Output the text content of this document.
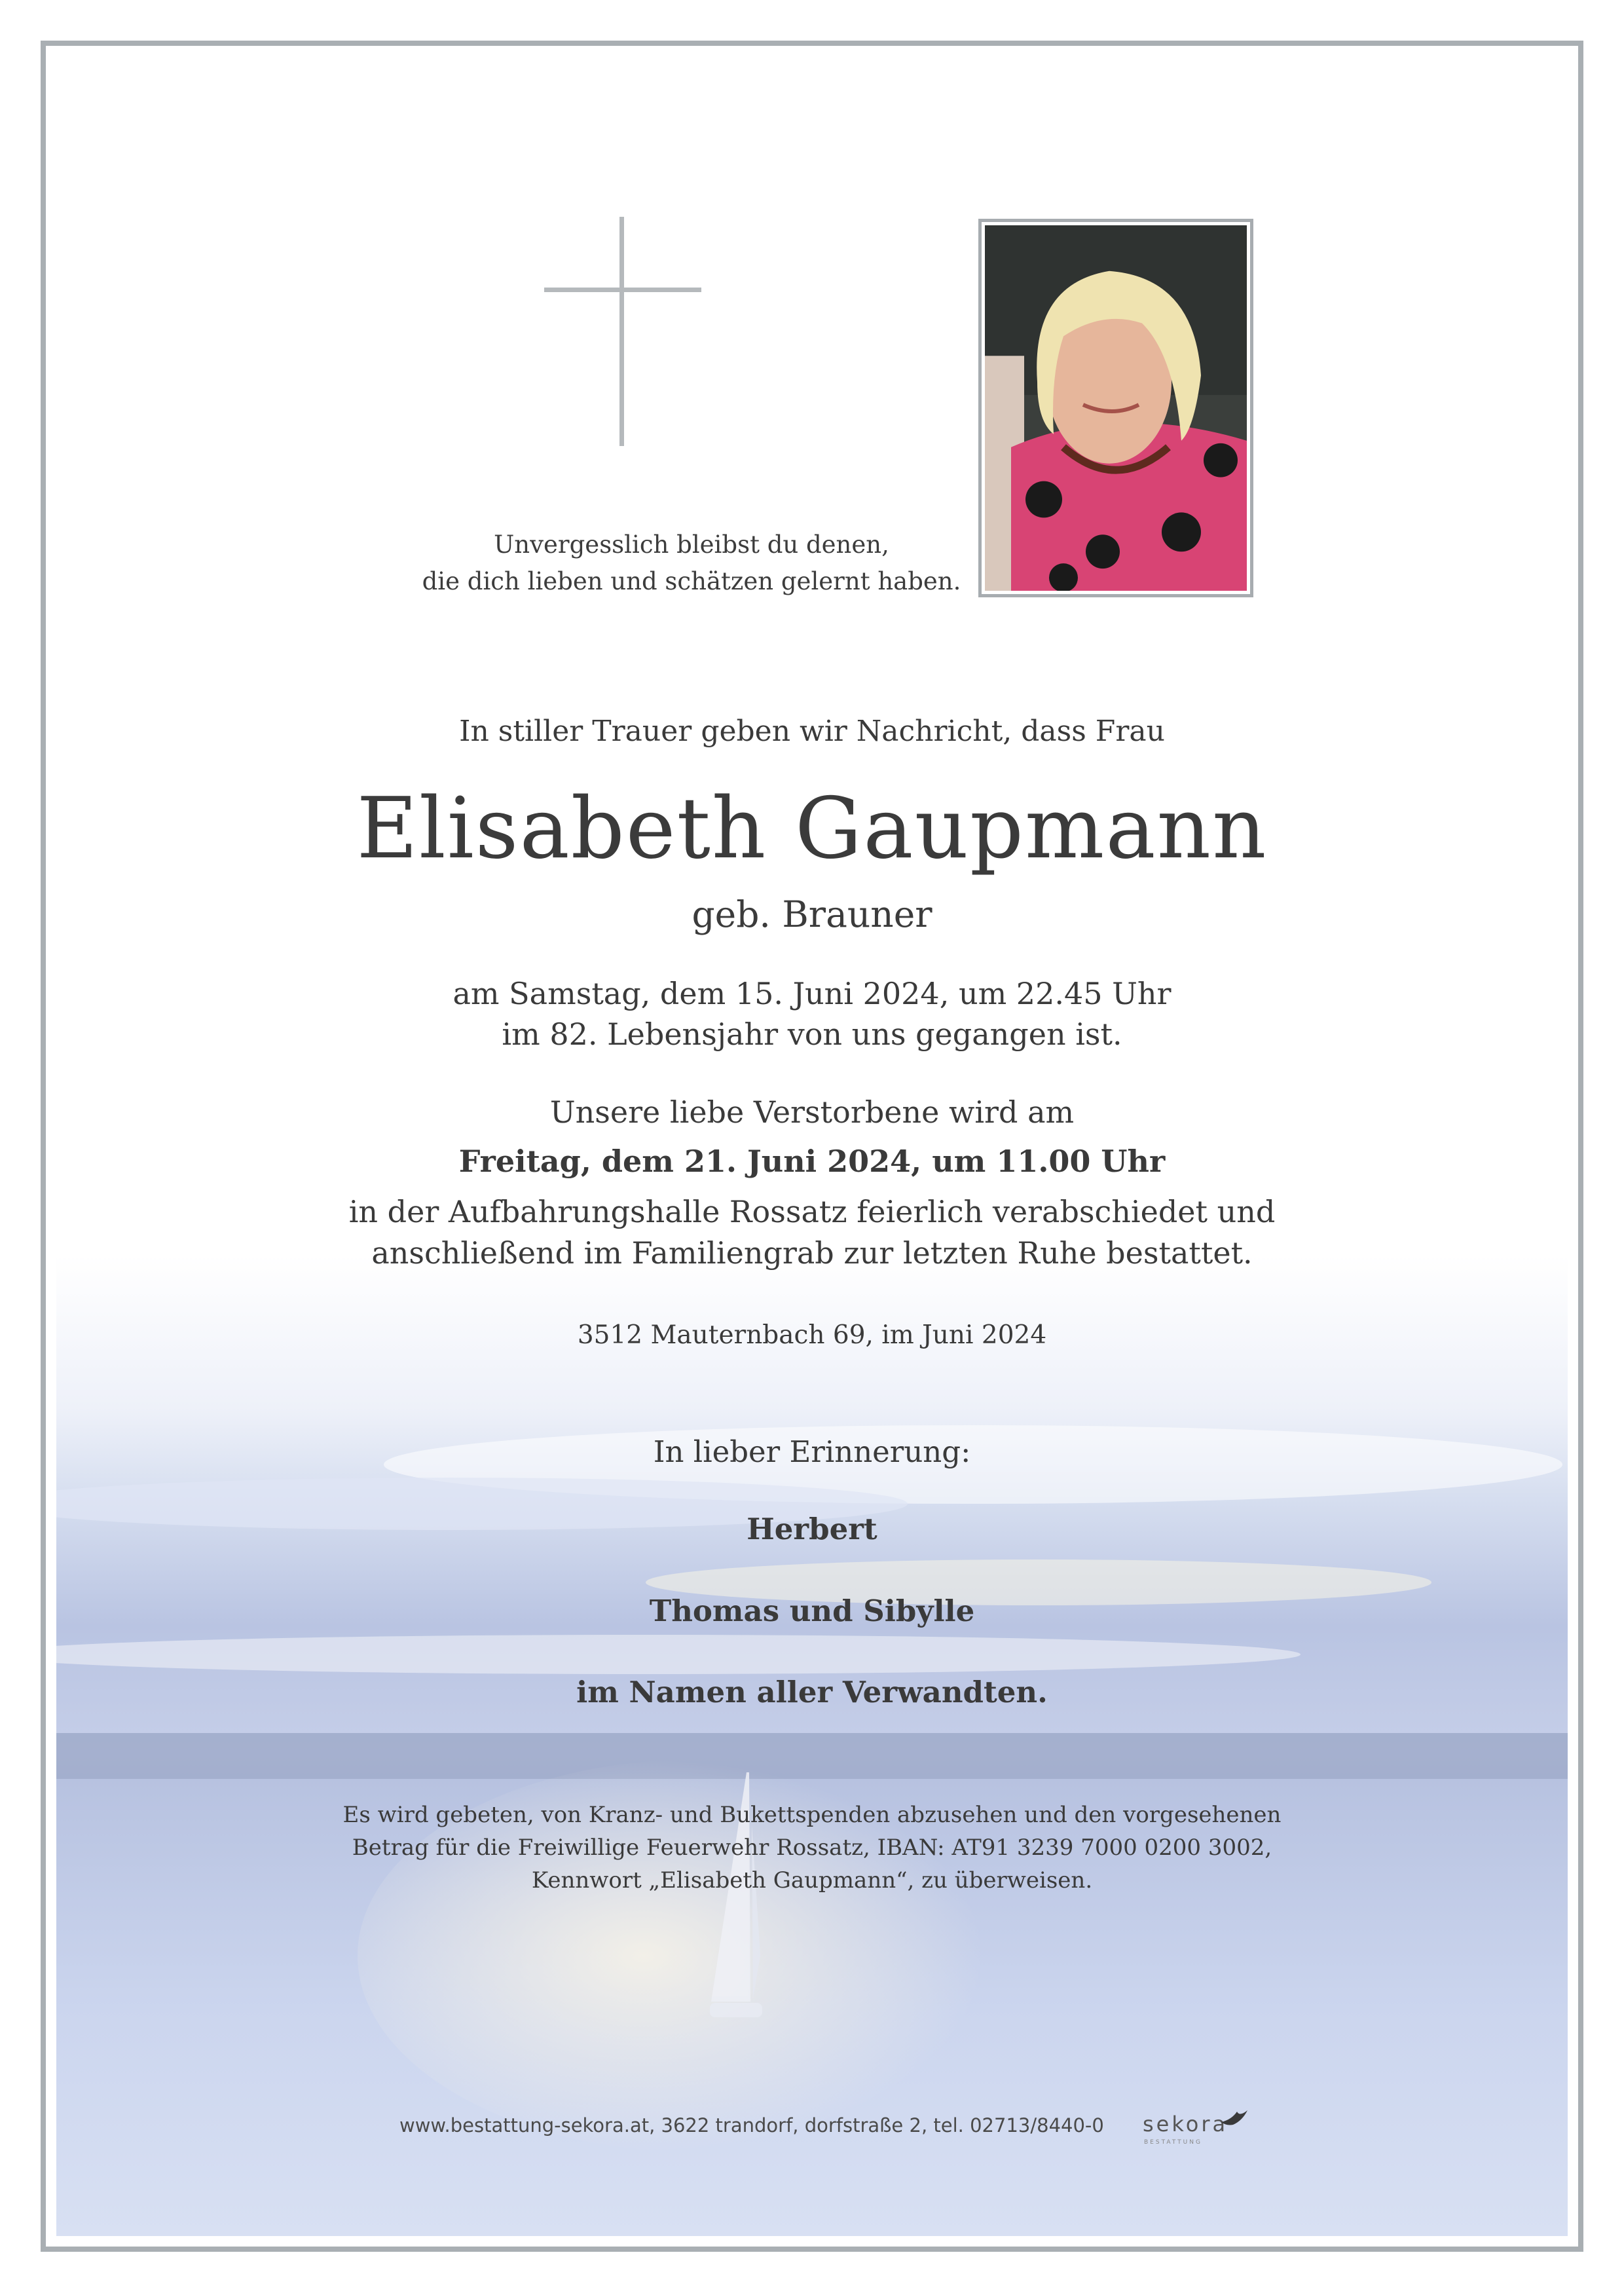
Unvergesslich bleibst du denen,
die dich lieben und schätzen gelernt haben.
In stiller Trauer geben wir Nachricht, dass Frau
Elisabeth Gaupmann
geb. Brauner
am Samstag, dem 15. Juni 2024, um 22.45 Uhr
im 82. Lebensjahr von uns gegangen ist.
Unsere liebe Verstorbene wird am
Freitag, dem 21. Juni 2024, um 11.00 Uhr
in der Aufbahrungshalle Rossatz feierlich verabschiedet und
anschließend im Familiengrab zur letzten Ruhe bestattet.
3512 Mauternbach 69, im Juni 2024
In lieber Erinnerung:
Herbert
Thomas und Sibylle
im Namen aller Verwandten.
Es wird gebeten, von Kranz- und Bukettspenden abzusehen und den vorgesehenen
Betrag für die Freiwillige Feuerwehr Rossatz, IBAN: AT91 3239 7000 0200 3002,
Kennwort „Elisabeth Gaupmann“, zu überweisen.
www.bestattung-sekora.at, 3622 trandorf, dorfstraße 2, tel. 02713/8440-0 sekora
BESTATTUNG
